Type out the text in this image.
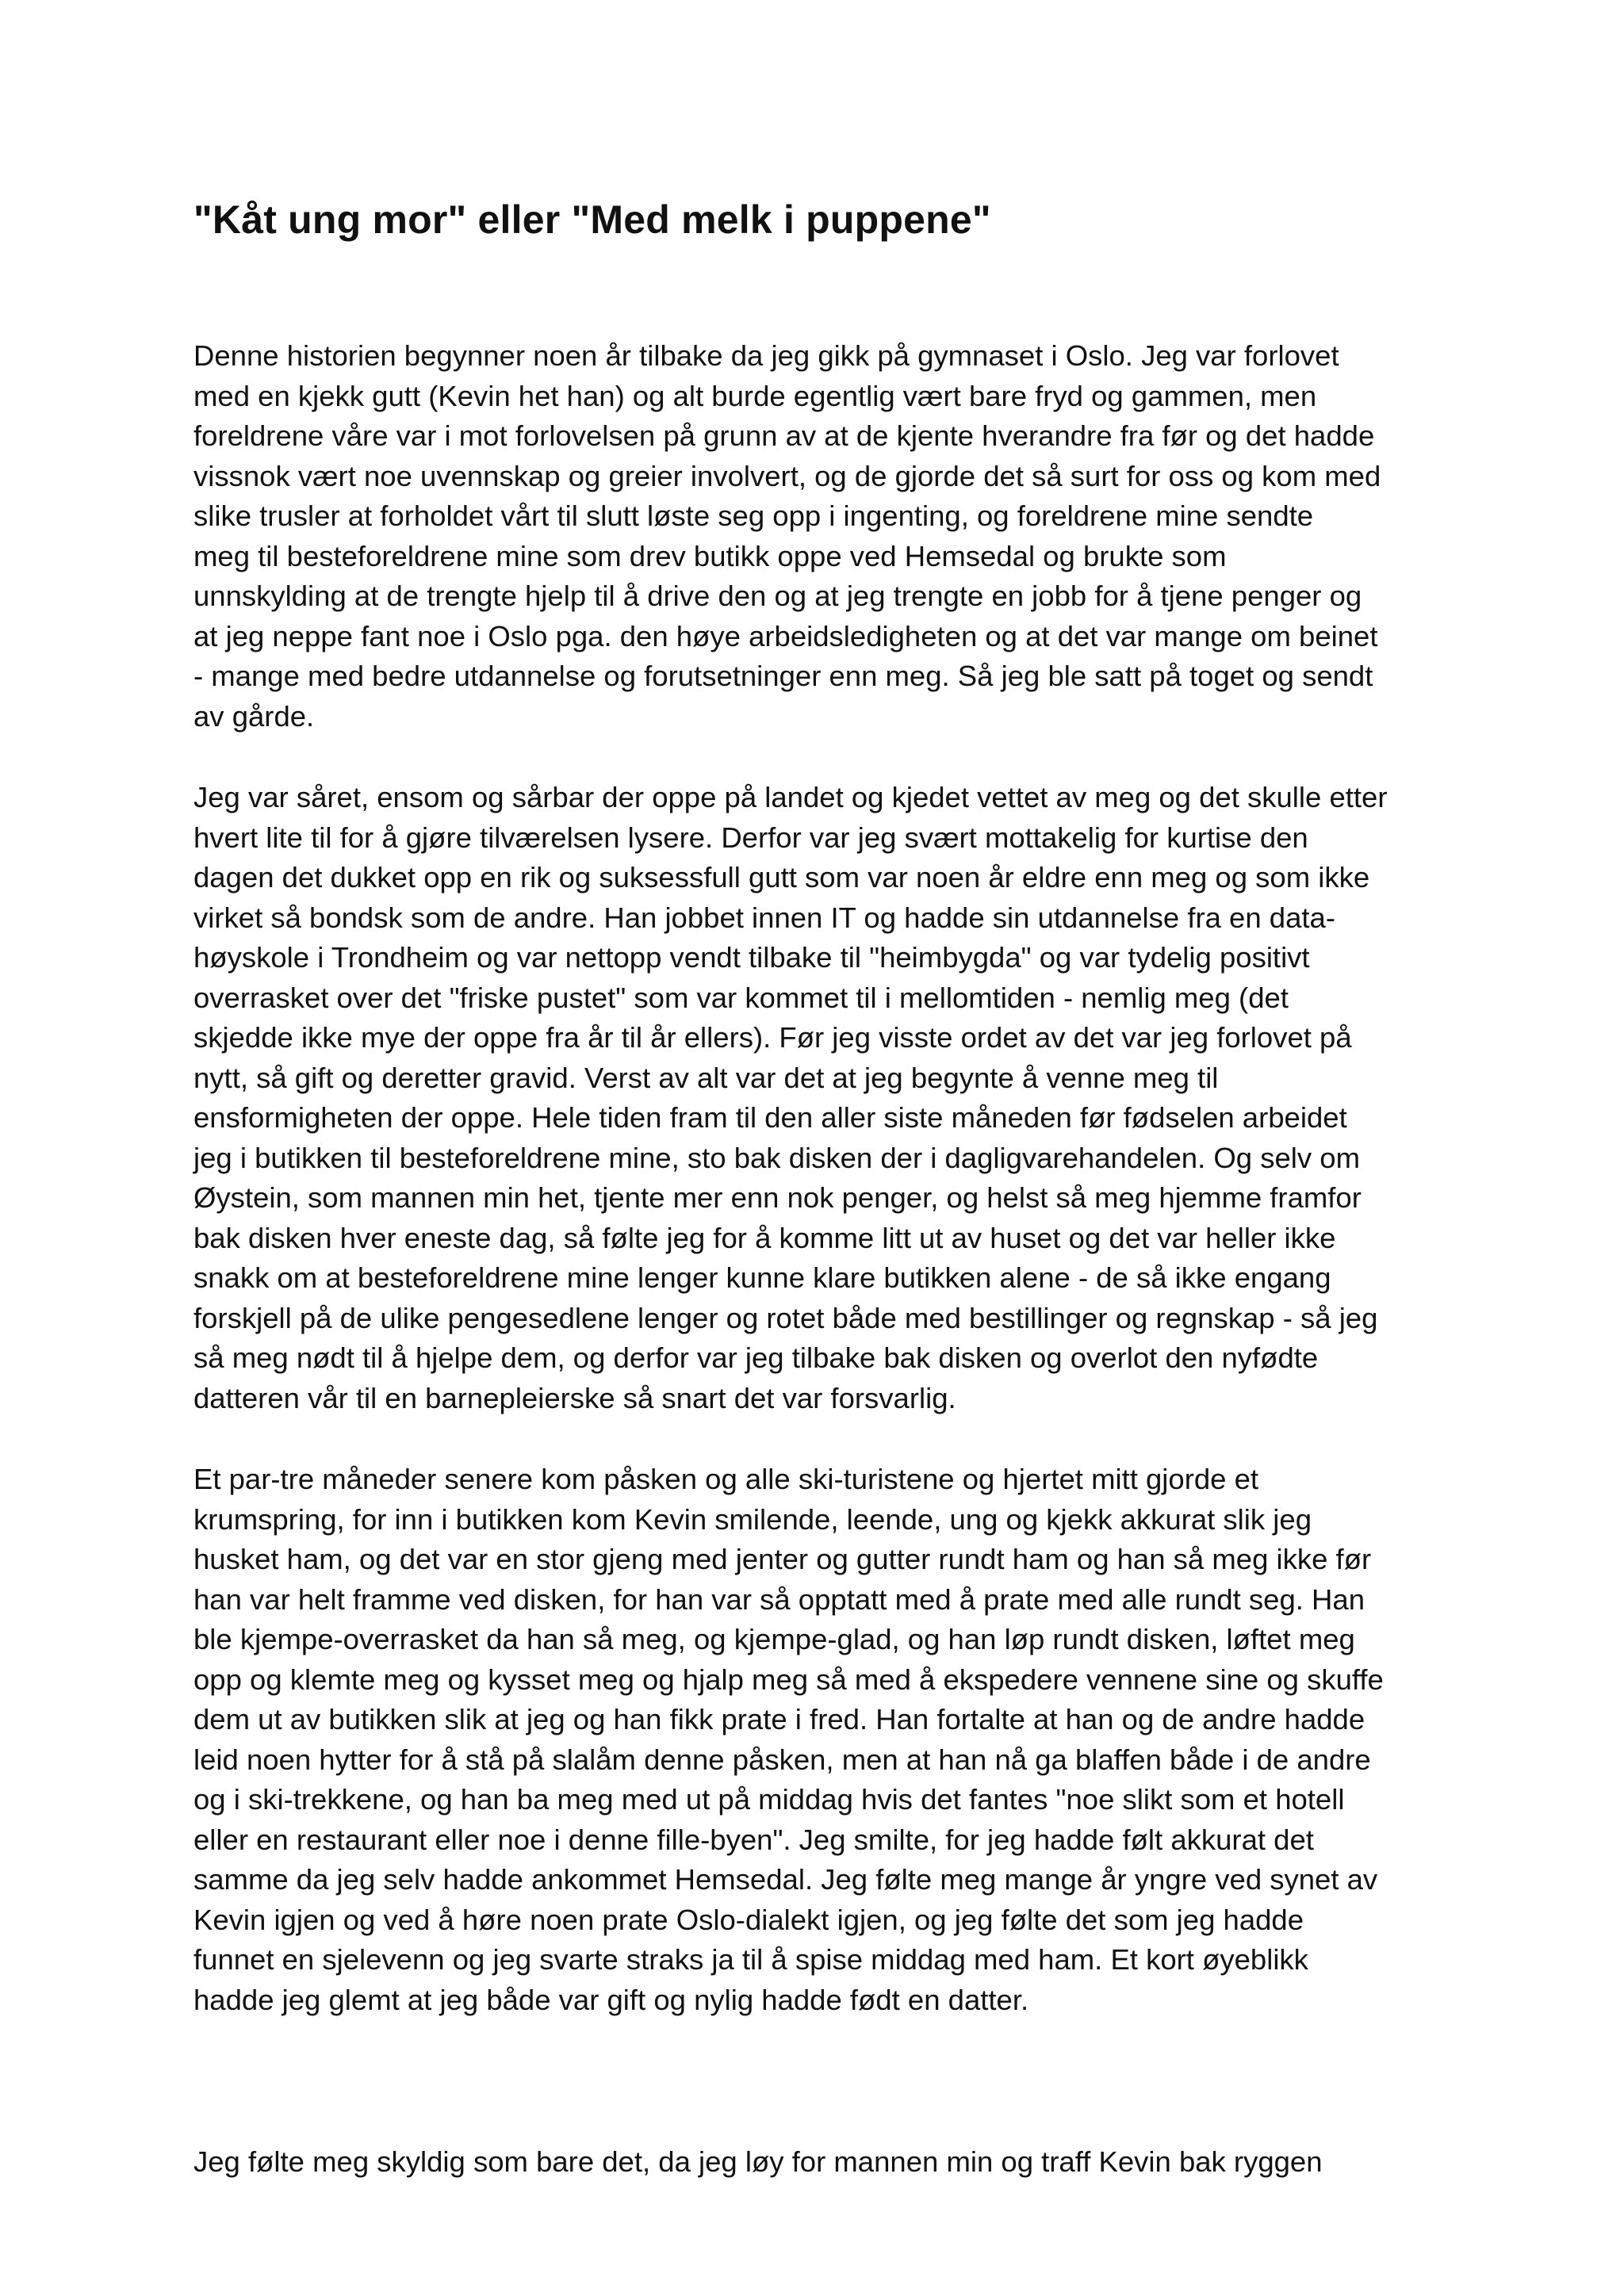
"Kåt ung mor" eller "Med melk i puppene"
Denne historien begynner noen år tilbake da jeg gikk på gymnaset i Oslo. Jeg var forlovet
med en kjekk gutt (Kevin het han) og alt burde egentlig vært bare fryd og gammen, men
foreldrene våre var i mot forlovelsen på grunn av at de kjente hverandre fra før og det hadde
vissnok vært noe uvennskap og greier involvert, og de gjorde det så surt for oss og kom med
slike trusler at forholdet vårt til slutt løste seg opp i ingenting, og foreldrene mine sendte
meg til besteforeldrene mine som drev butikk oppe ved Hemsedal og brukte som
unnskylding at de trengte hjelp til å drive den og at jeg trengte en jobb for å tjene penger og
at jeg neppe fant noe i Oslo pga. den høye arbeidsledigheten og at det var mange om beinet
- mange med bedre utdannelse og forutsetninger enn meg. Så jeg ble satt på toget og sendt
av gårde.
Jeg var såret, ensom og sårbar der oppe på landet og kjedet vettet av meg og det skulle etter
hvert lite til for å gjøre tilværelsen lysere. Derfor var jeg svært mottakelig for kurtise den
dagen det dukket opp en rik og suksessfull gutt som var noen år eldre enn meg og som ikke
virket så bondsk som de andre. Han jobbet innen IT og hadde sin utdannelse fra en data-
høyskole i Trondheim og var nettopp vendt tilbake til "heimbygda" og var tydelig positivt
overrasket over det "friske pustet" som var kommet til i mellomtiden - nemlig meg (det
skjedde ikke mye der oppe fra år til år ellers). Før jeg visste ordet av det var jeg forlovet på
nytt, så gift og deretter gravid. Verst av alt var det at jeg begynte å venne meg til
ensformigheten der oppe. Hele tiden fram til den aller siste måneden før fødselen arbeidet
jeg i butikken til besteforeldrene mine, sto bak disken der i dagligvarehandelen. Og selv om
Øystein, som mannen min het, tjente mer enn nok penger, og helst så meg hjemme framfor
bak disken hver eneste dag, så følte jeg for å komme litt ut av huset og det var heller ikke
snakk om at besteforeldrene mine lenger kunne klare butikken alene - de så ikke engang
forskjell på de ulike pengesedlene lenger og rotet både med bestillinger og regnskap - så jeg
så meg nødt til å hjelpe dem, og derfor var jeg tilbake bak disken og overlot den nyfødte
datteren vår til en barnepleierske så snart det var forsvarlig.
Et par-tre måneder senere kom påsken og alle ski-turistene og hjertet mitt gjorde et
krumspring, for inn i butikken kom Kevin smilende, leende, ung og kjekk akkurat slik jeg
husket ham, og det var en stor gjeng med jenter og gutter rundt ham og han så meg ikke før
han var helt framme ved disken, for han var så opptatt med å prate med alle rundt seg. Han
ble kjempe-overrasket da han så meg, og kjempe-glad, og han løp rundt disken, løftet meg
opp og klemte meg og kysset meg og hjalp meg så med å ekspedere vennene sine og skuffe
dem ut av butikken slik at jeg og han fikk prate i fred. Han fortalte at han og de andre hadde
leid noen hytter for å stå på slalåm denne påsken, men at han nå ga blaffen både i de andre
og i ski-trekkene, og han ba meg med ut på middag hvis det fantes "noe slikt som et hotell
eller en restaurant eller noe i denne fille-byen". Jeg smilte, for jeg hadde følt akkurat det
samme da jeg selv hadde ankommet Hemsedal. Jeg følte meg mange år yngre ved synet av
Kevin igjen og ved å høre noen prate Oslo-dialekt igjen, og jeg følte det som jeg hadde
funnet en sjelevenn og jeg svarte straks ja til å spise middag med ham. Et kort øyeblikk
hadde jeg glemt at jeg både var gift og nylig hadde født en datter.
Jeg følte meg skyldig som bare det, da jeg løy for mannen min og traff Kevin bak ryggen
